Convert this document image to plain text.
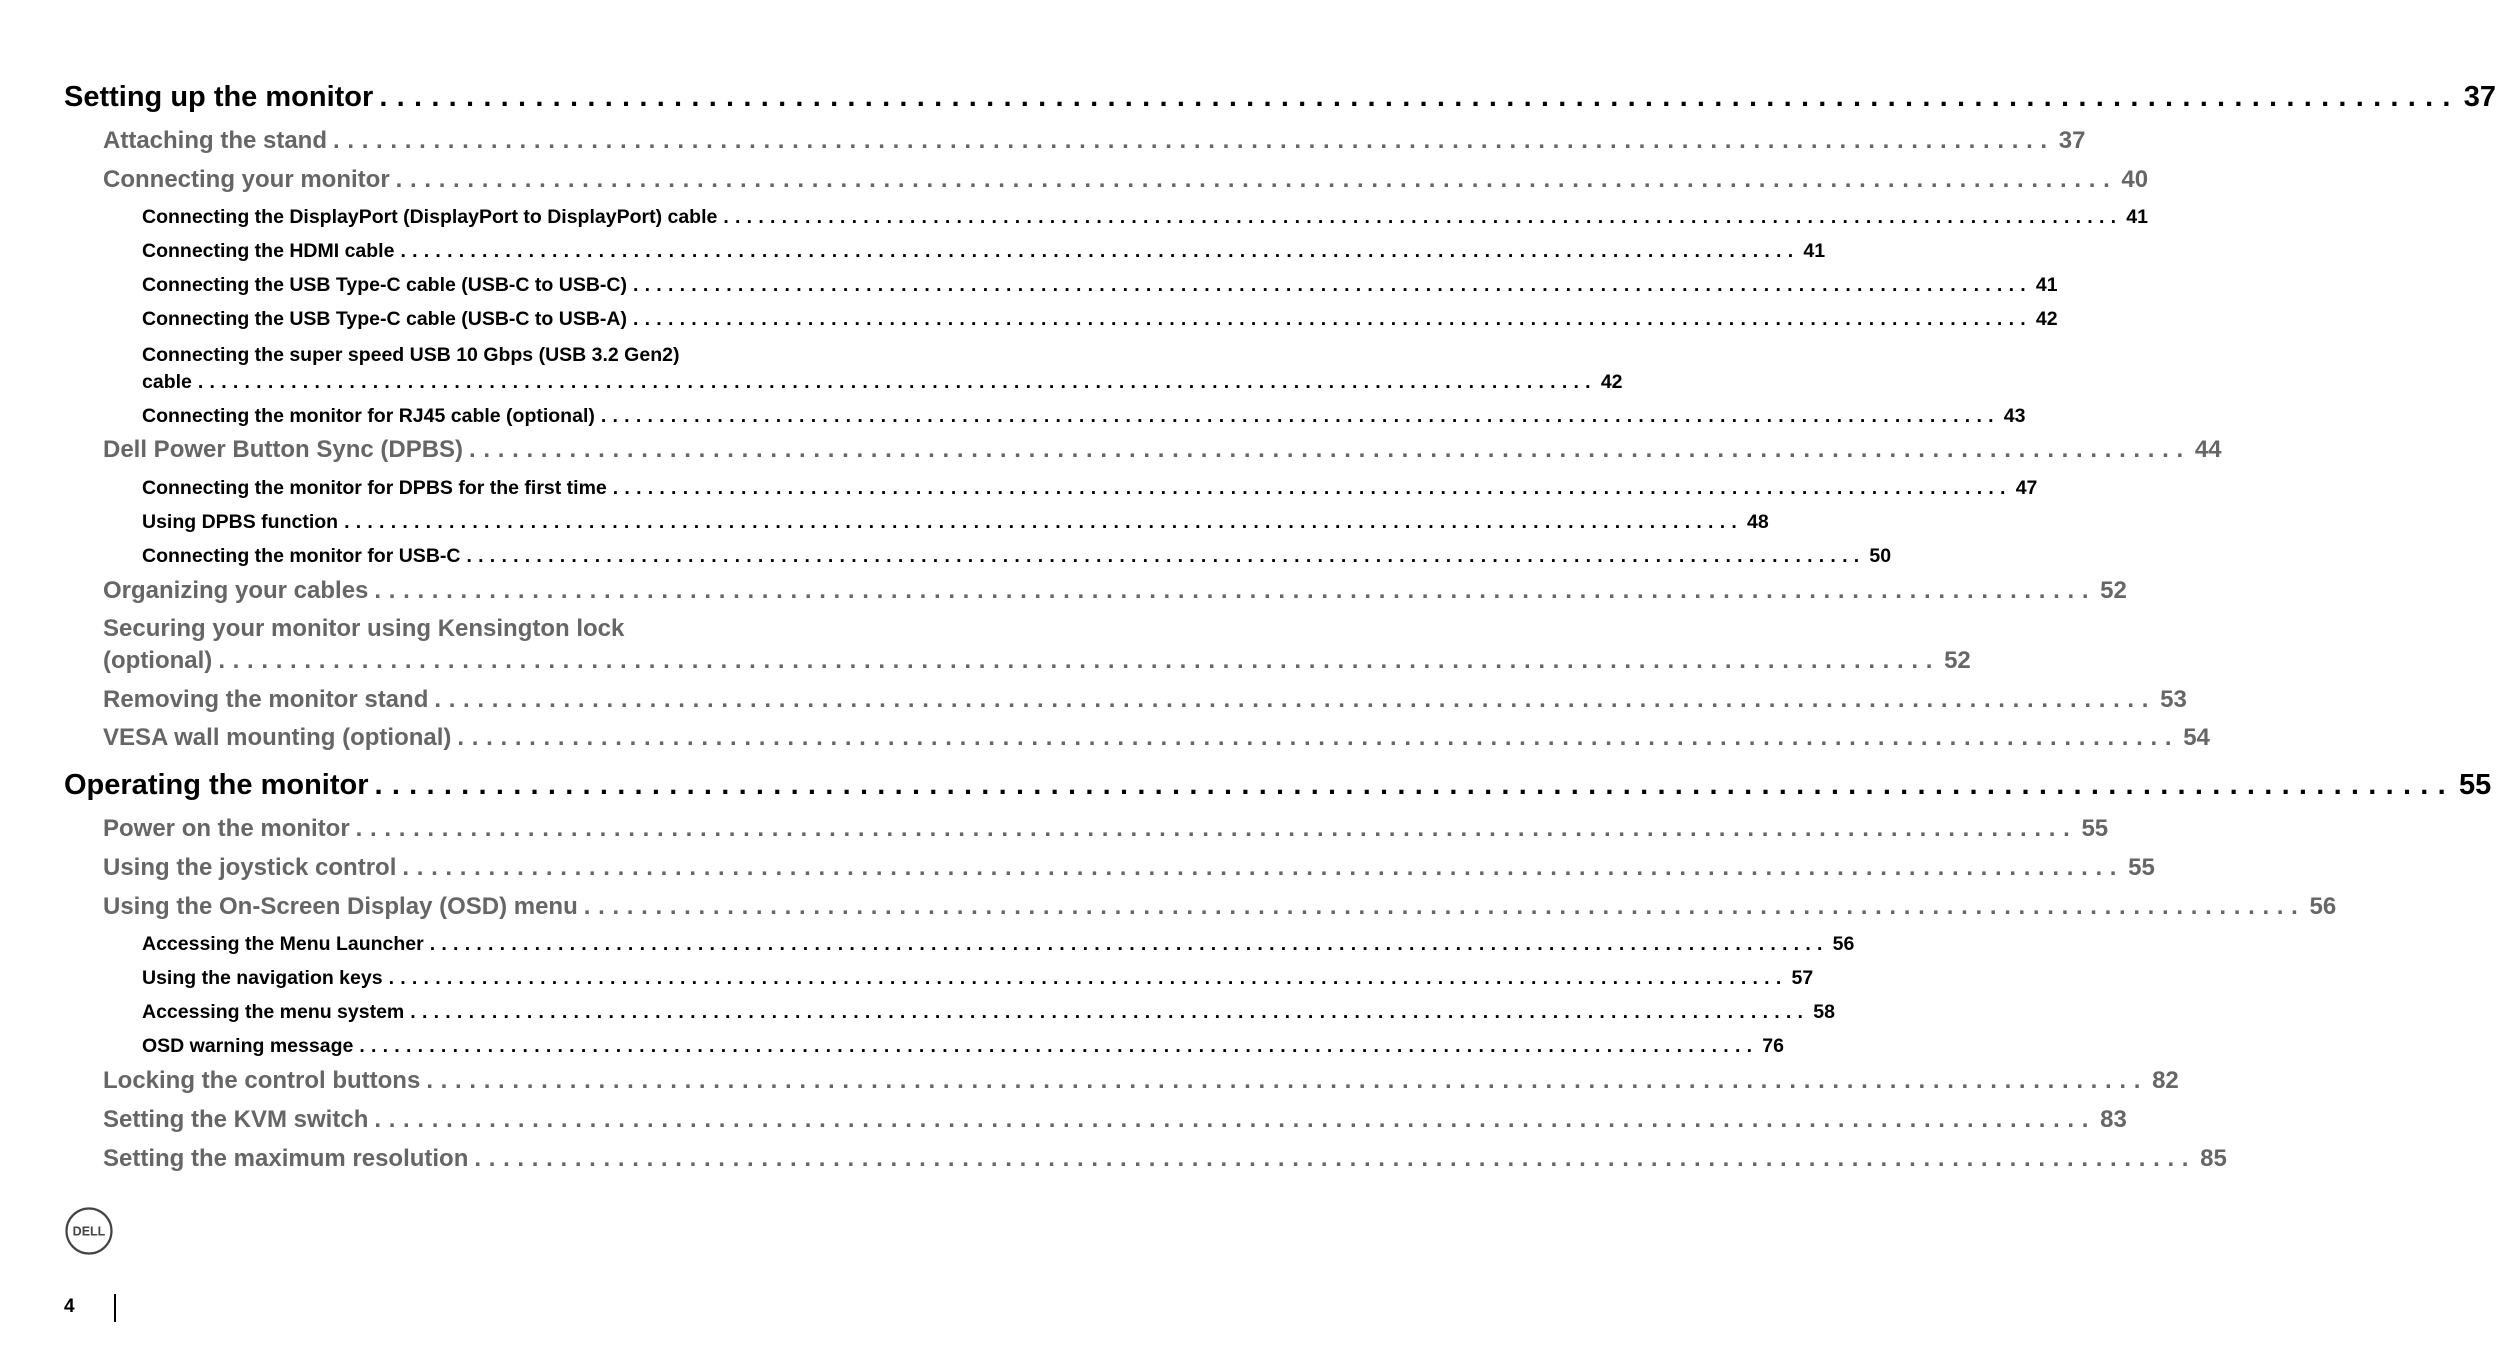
Setting up the monitor ........................................................................................................................ 37
Attaching the stand ........................................................................................................................ 37
Connecting your monitor ........................................................................................................................ 40
Connecting the DisplayPort (DisplayPort to DisplayPort) cable ........................................................................................................................ 41
Connecting the HDMI cable ........................................................................................................................ 41
Connecting the USB Type-C cable (USB-C to USB-C) ........................................................................................................................ 41
Connecting the USB Type-C cable (USB-C to USB-A) ........................................................................................................................ 42
Connecting the super speed USB 10 Gbps (USB 3.2 Gen2)
cable ........................................................................................................................ 42
Connecting the monitor for RJ45 cable (optional) ........................................................................................................................ 43
Dell Power Button Sync (DPBS) ........................................................................................................................ 44
Connecting the monitor for DPBS for the first time ........................................................................................................................ 47
Using DPBS function ........................................................................................................................ 48
Connecting the monitor for USB-C ........................................................................................................................ 50
Organizing your cables ........................................................................................................................ 52
Securing your monitor using Kensington lock
(optional) ........................................................................................................................ 52
Removing the monitor stand ........................................................................................................................ 53
VESA wall mounting (optional) ........................................................................................................................ 54
Operating the monitor ........................................................................................................................ 55
Power on the monitor ........................................................................................................................ 55
Using the joystick control ........................................................................................................................ 55
Using the On-Screen Display (OSD) menu ........................................................................................................................ 56
Accessing the Menu Launcher ........................................................................................................................ 56
Using the navigation keys ........................................................................................................................ 57
Accessing the menu system ........................................................................................................................ 58
OSD warning message ........................................................................................................................ 76
Locking the control buttons ........................................................................................................................ 82
Setting the KVM switch ........................................................................................................................ 83
Setting the maximum resolution ........................................................................................................................ 85
DELL
4
